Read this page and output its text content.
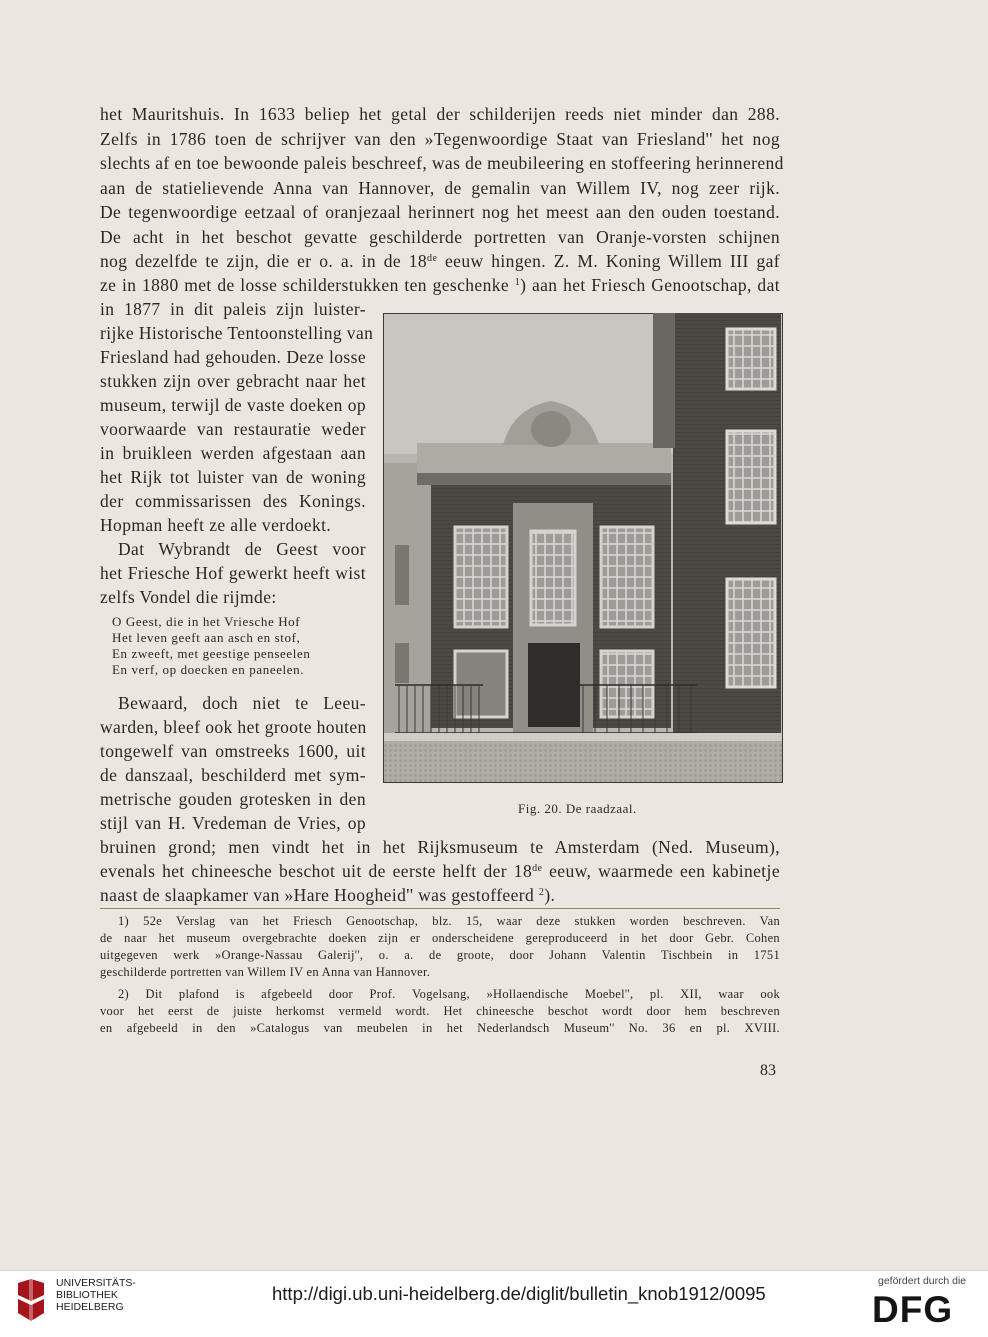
het Mauritshuis. In 1633 beliep het getal der schilderijen reeds niet minder dan 288.
Zelfs in 1786 toen de schrijver van den »Tegenwoordige Staat van Friesland'' het nog
slechts af en toe bewoonde paleis beschreef, was de meubileering en stoffeering herinnerend
aan de statielievende Anna van Hannover, de gemalin van Willem IV, nog zeer rijk.
De tegenwoordige eetzaal of oranjezaal herinnert nog het meest aan den ouden toestand.
De acht in het beschot gevatte geschilderde portretten van Oranje-vorsten schijnen
nog dezelfde te zijn, die er o. a. in de 18de eeuw hingen. Z. M. Koning Willem III gaf
ze in 1880 met de losse schilderstukken ten geschenke $^1$) aan het Friesch Genootschap, dat
in 1877 in dit paleis zijn luister-
rijke Historische Tentoonstelling van
Friesland had gehouden. Deze losse
stukken zijn over gebracht naar het
museum, terwijl de vaste doeken op
voorwaarde van restauratie weder
in bruikleen werden afgestaan aan
het Rijk tot luister van de woning
der commissarissen des Konings.
Hopman heeft ze alle verdoekt.
Dat Wybrandt de Geest voor
het Friesche Hof gewerkt heeft wist
zelfs Vondel die rijmde:
O Geest, die in het Vriesche Hof
Het leven geeft aan asch en stof,
En zweeft, met geestige penseelen
En verf, op doecken en paneelen.
Bewaard, doch niet te Leeu-
warden, bleef ook het groote houten
tongewelf van omstreeks 1600, uit
de danszaal, beschilderd met sym-
metrische gouden grotesken in den
stijl van H. Vredeman de Vries, op
bruinen grond; men vindt het in het Rijksmuseum te Amsterdam (Ned. Museum),
evenals het chineesche beschot uit de eerste helft der 18de eeuw, waarmede een kabinetje
naast de slaapkamer van »Hare Hoogheid'' was gestoffeerd $^2$).
Fig. 20. De raadzaal.
1) 52e Verslag van het Friesch Genootschap, blz. 15, waar deze stukken worden beschreven. Van
de naar het museum overgebrachte doeken zijn er onderscheidene gereproduceerd in het door Gebr. Cohen
uitgegeven werk »Orange-Nassau Galerij'', o. a. de groote, door Johann Valentin Tischbein in 1751
geschilderde portretten van Willem IV en Anna van Hannover.
2) Dit plafond is afgebeeld door Prof. Vogelsang, »Hollaendische Moebel'', pl. XII, waar ook
voor het eerst de juiste herkomst vermeld wordt. Het chineesche beschot wordt door hem beschreven
en afgebeeld in den »Catalogus van meubelen in het Nederlandsch Museum'' No. 36 en pl. XVIII.
83
UNIVERSITÄTS-
BIBLIOTHEK
HEIDELBERG
http://digi.ub.uni-heidelberg.de/diglit/bulletin_knob1912/0095
gefördert durch die
DFG
